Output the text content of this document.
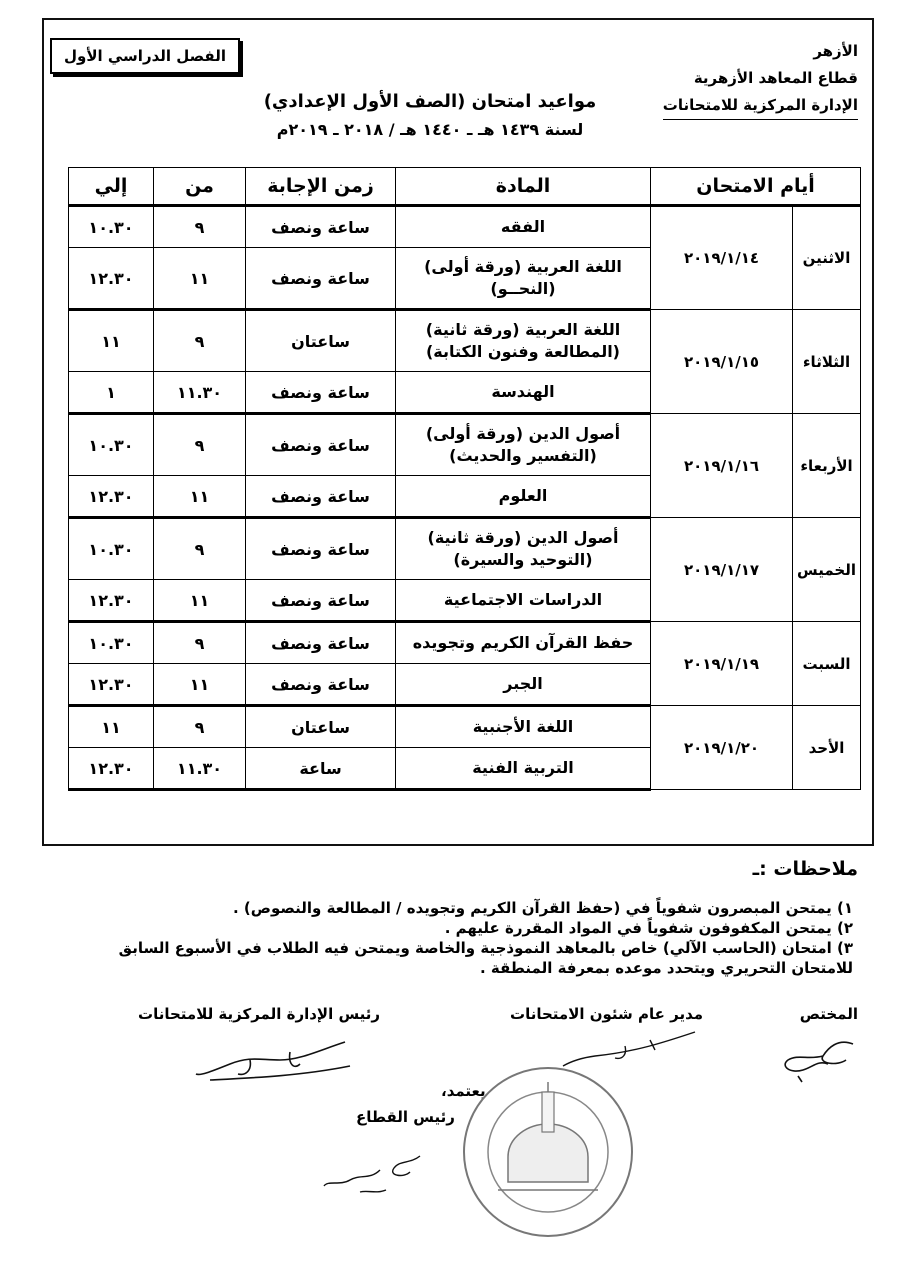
الأزهر
قطاع المعاهد الأزهرية
الإدارة المركزية للامتحانات
الفصل الدراسي الأول
مواعيد امتحان (الصف الأول الإعدادي)
لسنة ١٤٣٩ هـ ـ ١٤٤٠ هـ / ٢٠١٨ ـ ٢٠١٩م
أيام الامتحان		المادة	زمن الإجابة	من	إلي
الاثنين	٢٠١٩/١/١٤	الفقه	ساعة ونصف	٩	١٠.٣٠
		اللغة العربية (ورقة أولى) (النحــو)	ساعة ونصف	١١	١٢.٣٠
الثلاثاء	٢٠١٩/١/١٥	اللغة العربية (ورقة ثانية) (المطالعة وفنون الكتابة)	ساعتان	٩	١١
		الهندسة	ساعة ونصف	١١.٣٠	١
الأربعاء	٢٠١٩/١/١٦	أصول الدين (ورقة أولى) (التفسير والحديث)	ساعة ونصف	٩	١٠.٣٠
		العلوم	ساعة ونصف	١١	١٢.٣٠
الخميس	٢٠١٩/١/١٧	أصول الدين (ورقة ثانية) (التوحيد والسيرة)	ساعة ونصف	٩	١٠.٣٠
		الدراسات الاجتماعية	ساعة ونصف	١١	١٢.٣٠
السبت	٢٠١٩/١/١٩	حفظ القرآن الكريم وتجويده	ساعة ونصف	٩	١٠.٣٠
		الجبر	ساعة ونصف	١١	١٢.٣٠
الأحد	٢٠١٩/١/٢٠	اللغة الأجنبية	ساعتان	٩	١١
		التربية الفنية	ساعة	١١.٣٠	١٢.٣٠
ملاحظات :ـ
١) يمتحن المبصرون شفوياً في (حفظ القرآن الكريم وتجويده / المطالعة والنصوص) .
٢) يمتحن المكفوفون شفوياً في المواد المقررة عليهم .
٣) امتحان (الحاسب الآلي) خاص بالمعاهد النموذجية والخاصة ويمتحن فيه الطلاب في الأسبوع السابق
للامتحان التحريري ويتحدد موعده بمعرفة المنطقة .
المختص
مدير عام شئون الامتحانات
رئيس الإدارة المركزية للامتحانات
يعتمد،
رئيس القطاع
